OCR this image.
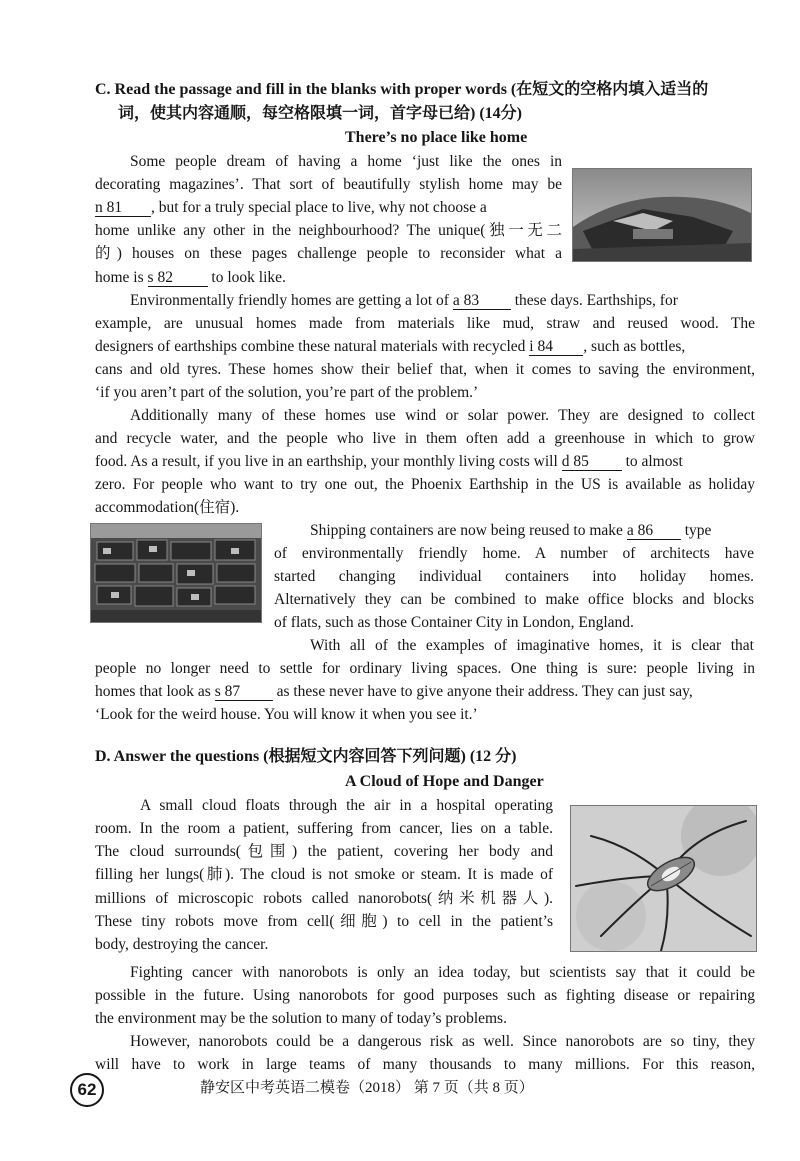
C. Read the passage and fill in the blanks with proper words (在短文的空格内填入适当的
词，使其内容通顺，每空格限填一词，首字母已给) (14分)
There’s no place like home
Some people dream of having a home ‘just like the ones in
decorating magazines’. That sort of beautifully stylish home may be
n 81 , but for a truly special place to live, why not choose a
home unlike any other in the neighbourhood? The unique(独一无二
的) houses on these pages challenge people to reconsider what a
home is s 82 to look like.
Environmentally friendly homes are getting a lot of a 83 these days. Earthships, for
example, are unusual homes made from materials like mud, straw and reused wood. The
designers of earthships combine these natural materials with recycled i 84 , such as bottles,
cans and old tyres. These homes show their belief that, when it comes to saving the environment,
‘if you aren’t part of the solution, you’re part of the problem.’
Additionally many of these homes use wind or solar power. They are designed to collect
and recycle water, and the people who live in them often add a greenhouse in which to grow
food. As a result, if you live in an earthship, your monthly living costs will d 85 to almost
zero. For people who want to try one out, the Phoenix Earthship in the US is available as holiday
accommodation(住宿).
Shipping containers are now being reused to make a 86 type
of environmentally friendly home. A number of architects have
started changing individual containers into holiday homes.
Alternatively they can be combined to make office blocks and blocks
of flats, such as those Container City in London, England.
With all of the examples of imaginative homes, it is clear that
people no longer need to settle for ordinary living spaces. One thing is sure: people living in
homes that look as s 87 as these never have to give anyone their address. They can just say,
‘Look for the weird house. You will know it when you see it.’
D. Answer the questions (根据短文内容回答下列问题) (12 分)
A Cloud of Hope and Danger
A small cloud floats through the air in a hospital operating
room. In the room a patient, suffering from cancer, lies on a table.
The cloud surrounds(包围) the patient, covering her body and
filling her lungs(肺). The cloud is not smoke or steam. It is made of
millions of microscopic robots called nanorobots(纳米机器人).
These tiny robots move from cell(细胞) to cell in the patient’s
body, destroying the cancer.
Fighting cancer with nanorobots is only an idea today, but scientists say that it could be
possible in the future. Using nanorobots for good purposes such as fighting disease or repairing
the environment may be the solution to many of today’s problems.
However, nanorobots could be a dangerous risk as well. Since nanorobots are so tiny, they
will have to work in large teams of many thousands to many millions. For this reason,
62	静安区中考英语二模卷（2018） 第 7 页（共 8 页）
